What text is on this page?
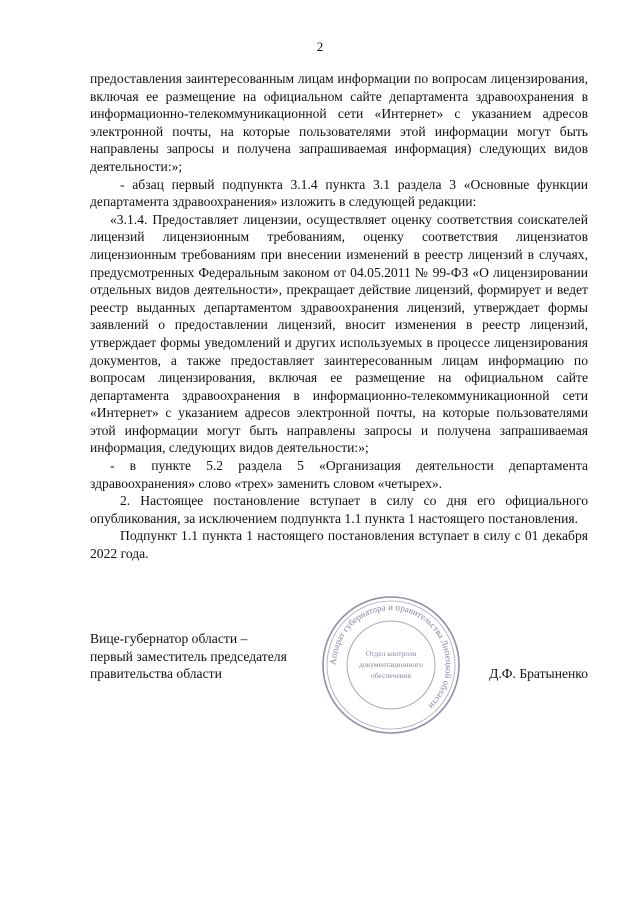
2

предоставления заинтересованным лицам информации по вопросам лицензирования, включая ее размещение на официальном сайте департамента здравоохранения в информационно-телекоммуникационной сети «Интернет» с указанием адресов электронной почты, на которые пользователями этой информации могут быть направлены запросы и получена запрашиваемая информация) следующих видов деятельности:»;

- абзац первый подпункта 3.1.4 пункта 3.1 раздела 3 «Основные функции департамента здравоохранения» изложить в следующей редакции:

«3.1.4. Предоставляет лицензии, осуществляет оценку соответствия соискателей лицензий лицензионным требованиям, оценку соответствия лицензиатов лицензионным требованиям при внесении изменений в реестр лицензий в случаях, предусмотренных Федеральным законом от 04.05.2011 № 99-ФЗ «О лицензировании отдельных видов деятельности», прекращает действие лицензий, формирует и ведет реестр выданных департаментом здравоохранения лицензий, утверждает формы заявлений о предоставлении лицензий, вносит изменения в реестр лицензий, утверждает формы уведомлений и других используемых в процессе лицензирования документов, а также предоставляет заинтересованным лицам информацию по вопросам лицензирования, включая ее размещение на официальном сайте департамента здравоохранения в информационно-телекоммуникационной сети «Интернет» с указанием адресов электронной почты, на которые пользователями этой информации могут быть направлены запросы и получена запрашиваемая информация, следующих видов деятельности:»;

- в пункте 5.2 раздела 5 «Организация деятельности департамента здравоохранения» слово «трех» заменить словом «четырех».

2. Настоящее постановление вступает в силу со дня его официального опубликования, за исключением подпункта 1.1 пункта 1 настоящего постановления.

Подпункт 1.1 пункта 1 настоящего постановления вступает в силу с 01 декабря 2022 года.

Аппарат губернатора и правительства Липецкой области
Отдел контроля
документационного
обеспечения
Вице-губернатор области –
первый заместитель председателя
правительства области	Д.Ф. Братыненко
